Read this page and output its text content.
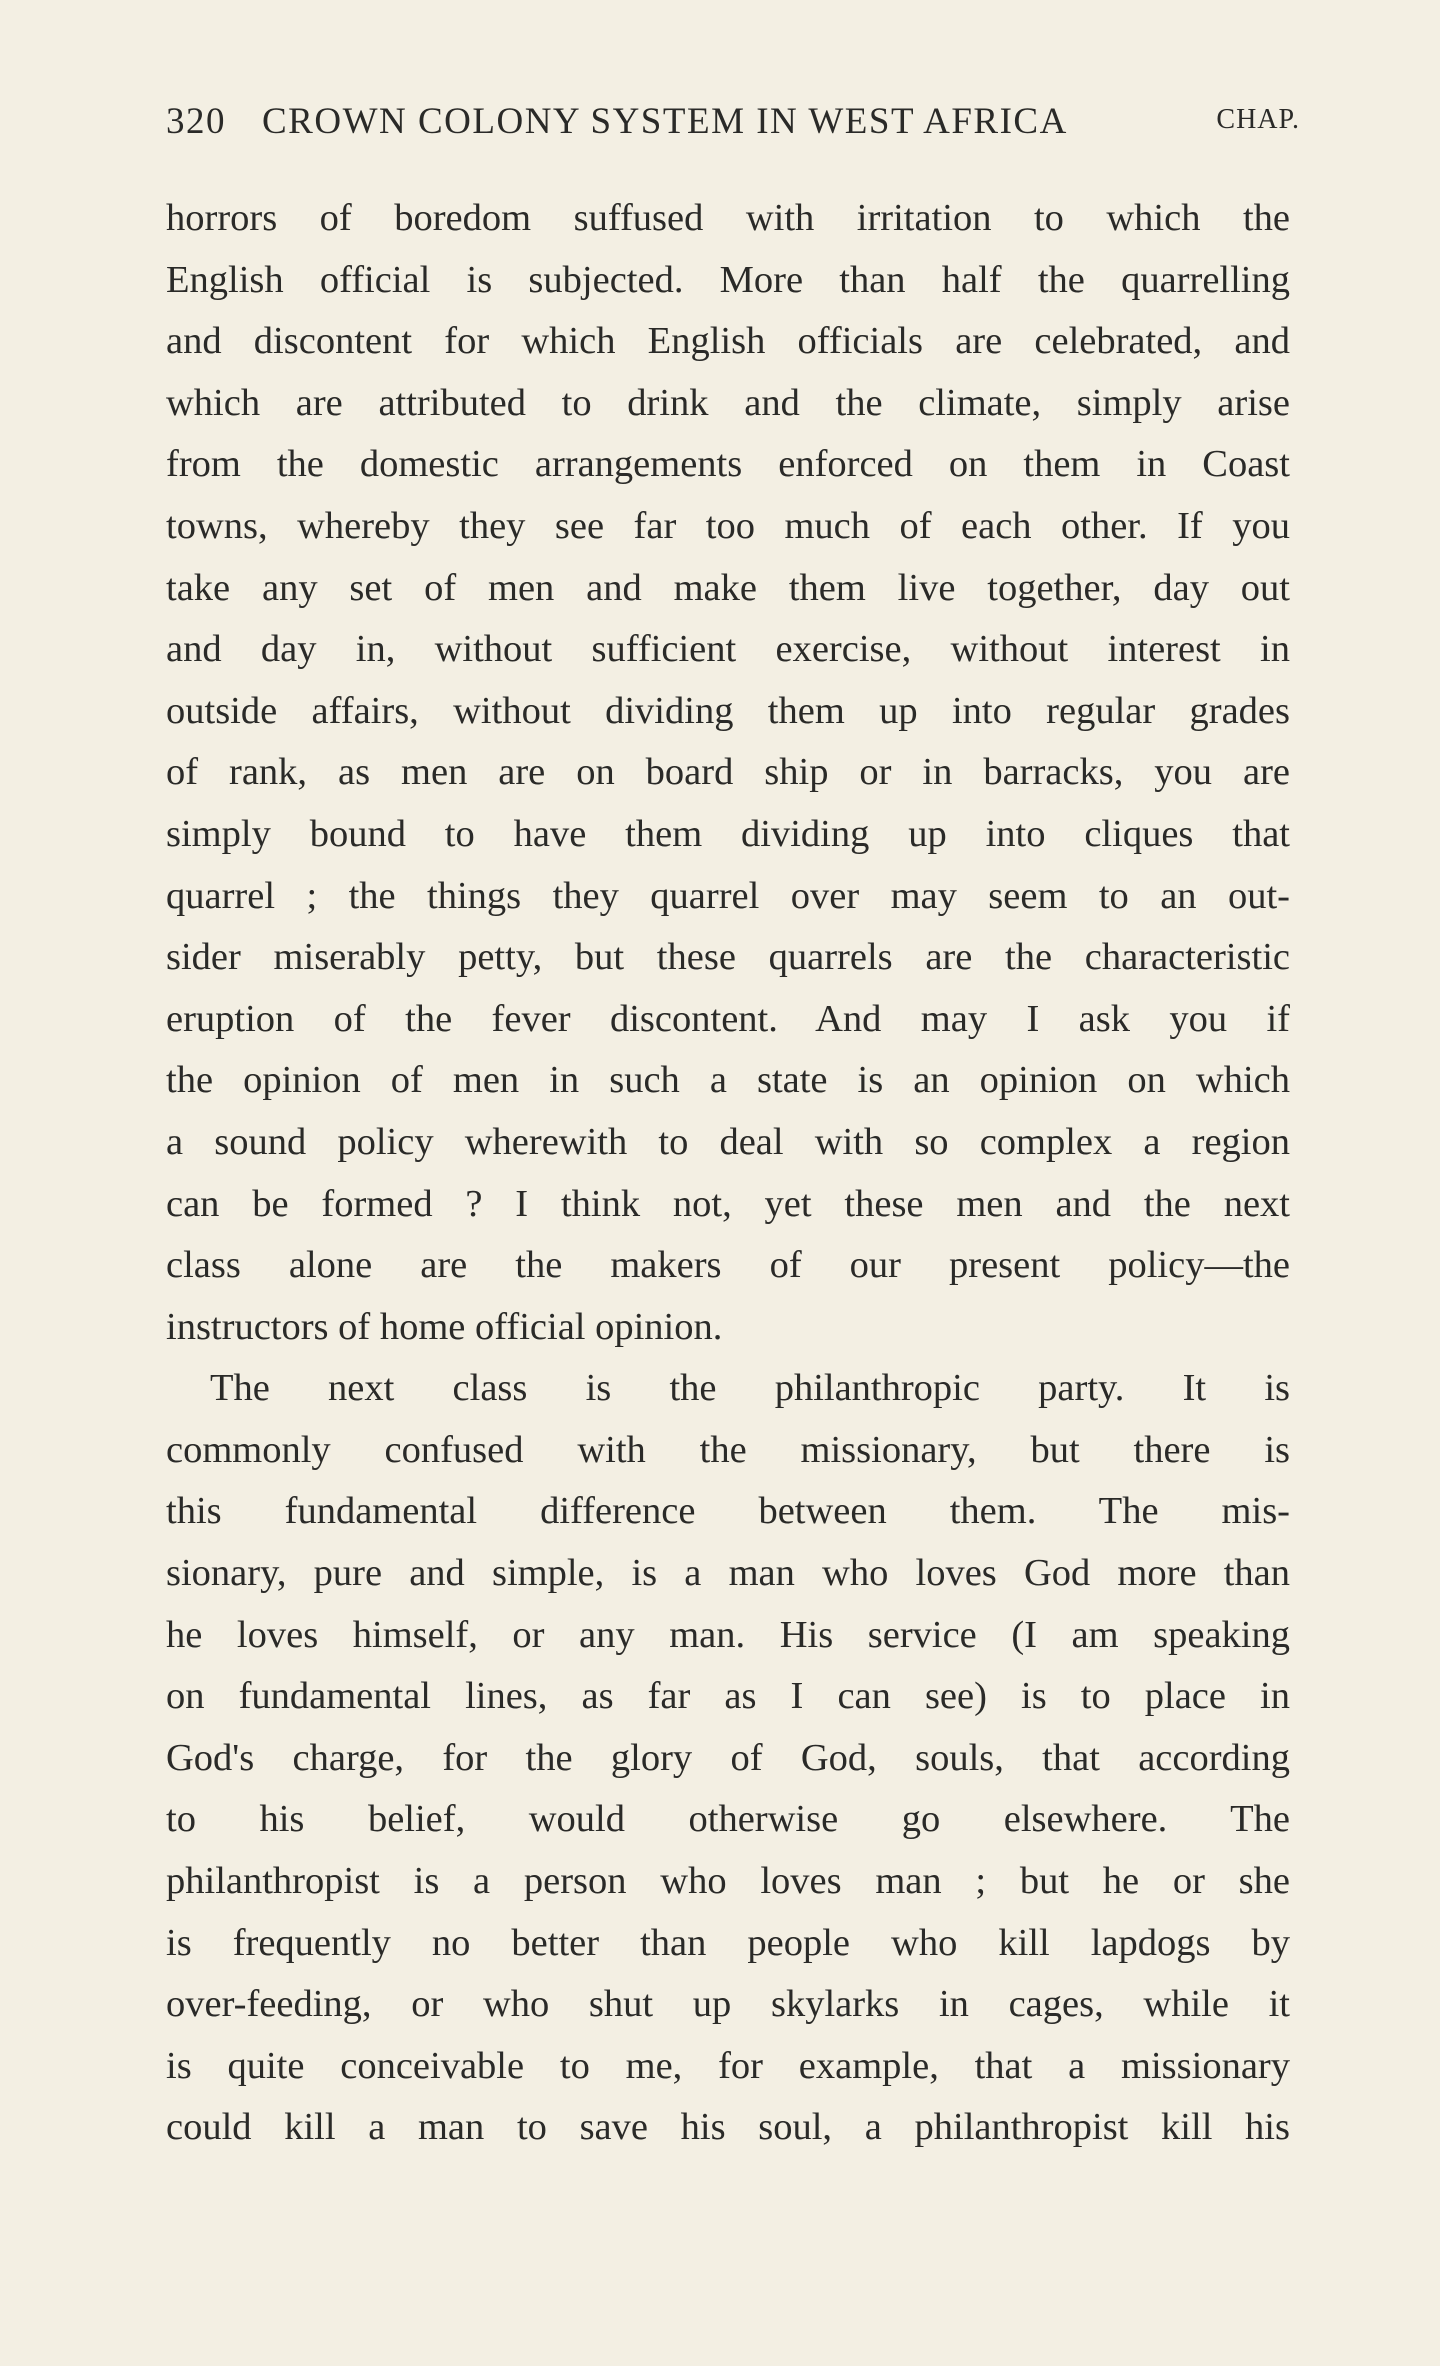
320 CROWN COLONY SYSTEM IN WEST AFRICA	CHAP.
horrors of boredom suffused with irritation to which the
English official is subjected. More than half the quarrelling
and discontent for which English officials are celebrated, and
which are attributed to drink and the climate, simply arise
from the domestic arrangements enforced on them in Coast
towns, whereby they see far too much of each other. If you
take any set of men and make them live together, day out
and day in, without sufficient exercise, without interest in
outside affairs, without dividing them up into regular grades
of rank, as men are on board ship or in barracks, you are
simply bound to have them dividing up into cliques that
quarrel ; the things they quarrel over may seem to an out-
sider miserably petty, but these quarrels are the characteristic
eruption of the fever discontent. And may I ask you if
the opinion of men in such a state is an opinion on which
a sound policy wherewith to deal with so complex a region
can be formed ? I think not, yet these men and the next
class alone are the makers of our present policy—the
instructors of home official opinion.
The next class is the philanthropic party. It is
commonly confused with the missionary, but there is
this fundamental difference between them. The mis-
sionary, pure and simple, is a man who loves God more than
he loves himself, or any man. His service (I am speaking
on fundamental lines, as far as I can see) is to place in
God's charge, for the glory of God, souls, that according
to his belief, would otherwise go elsewhere. The
philanthropist is a person who loves man ; but he or she
is frequently no better than people who kill lapdogs by
over-feeding, or who shut up skylarks in cages, while it
is quite conceivable to me, for example, that a missionary
could kill a man to save his soul, a philanthropist kill his
